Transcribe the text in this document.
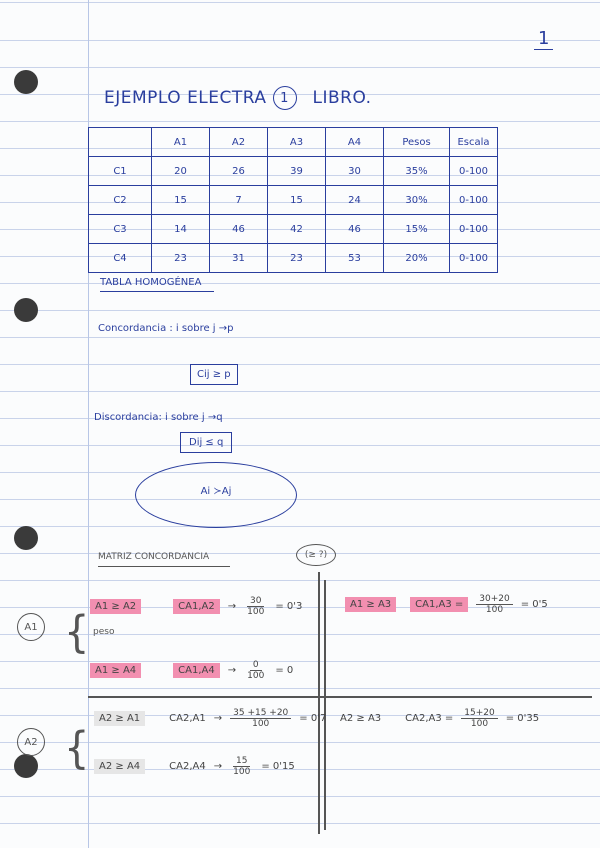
1
EJEMPLO ELECTRA	1	LIBRO.
	A1	A2	A3	A4	Pesos	Escala
C1	20	26	39	30	35%	0-100
C2	15	7	15	24	30%	0-100
C3	14	46	42	46	15%	0-100
C4	23	31	23	53	20%	0-100
TABLA HOMOGÉNEA
Concordancia : i sobre j →p
Cij ≥ p
Discordancia: i sobre j →q
Dij ≤ q
Ai ≻Aj
MATRIZ CONCORDANCIA	(≥ ?)
A1 {
A1 ≥ A2	CA1,A2	→ $\frac{30}{100} = 0'3$
peso
A1 ≥ A4	CA1,A4	→ $\frac{0}{100} = 0$
A1 ≥ A3	CA1,A3 =	$\frac{30+20}{100} = 0'5$
A2 {
A2 ≥ A1	$CA2,A1 \to \frac{35 +15 +20}{100} = 0'7$
A2 ≥ A4	$CA2,A4 \to \frac{15}{100} = 0'15$
A2 ≥ A3 $CA2,A3 = \frac{15+20}{100} = 0'35$
